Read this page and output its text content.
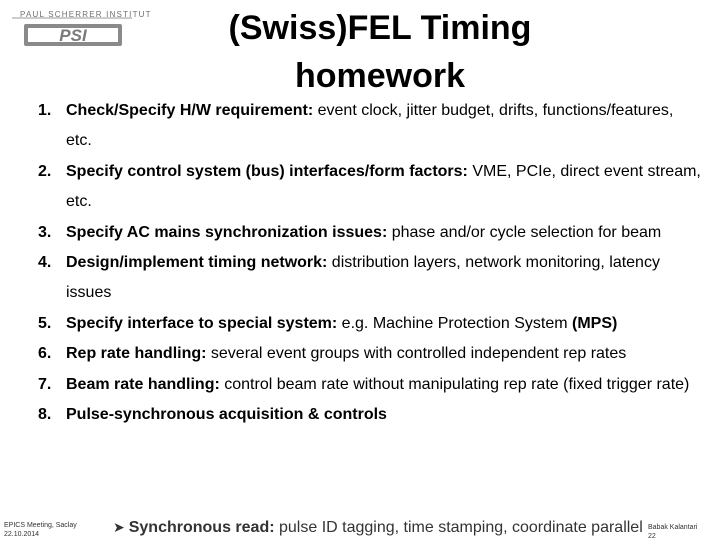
PSI
PAUL SCHERRER INSTITUT	(Swiss)FEL Timing homework
1. Check/Specify H/W requirement: event clock, jitter budget, drifts, functions/features, etc.
2. Specify control system (bus) interfaces/form factors: VME, PCIe, direct event stream, etc.
3. Specify AC mains synchronization issues: phase and/or cycle selection for beam
4. Design/implement timing network: distribution layers, network monitoring, latency issues
5. Specify interface to special system: e.g. Machine Protection System (MPS)
6. Rep rate handling: several event groups with controlled independent rep rates
7. Beam rate handling: control beam rate without manipulating rep rate (fixed trigger rate)
8. Pulse-synchronous acquisition & controls
➤ Synchronous read: pulse ID tagging, time stamping, coordinate parallel
EPICS Meeting, Saclay
22.10.2014
Babak Kalantari
22
